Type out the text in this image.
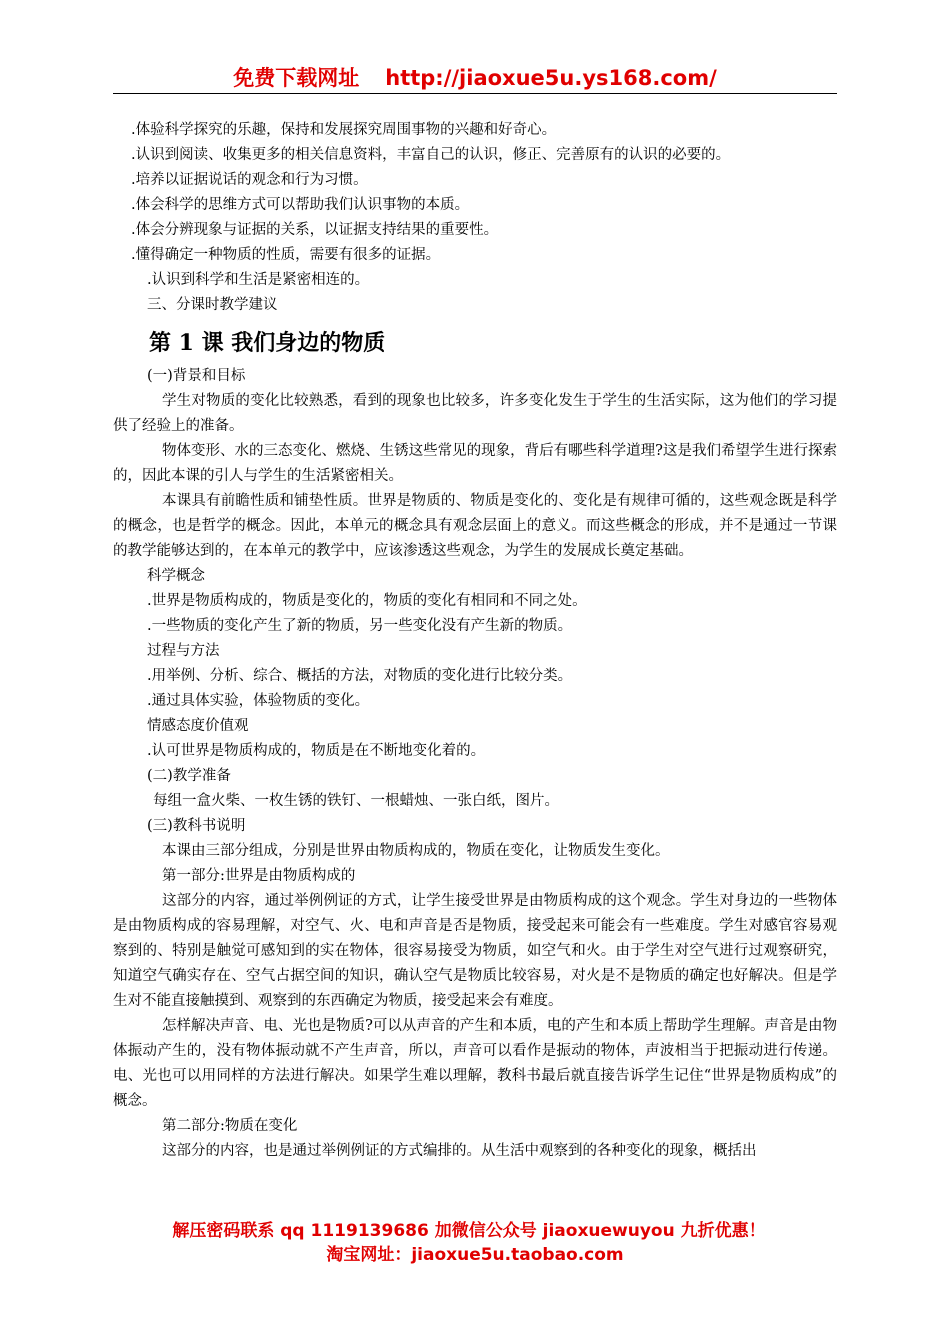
免费下载网址 http://jiaoxue5u.ys168.com/

.体验科学探究的乐趣，保持和发展探究周围事物的兴趣和好奇心。

.认识到阅读、收集更多的相关信息资料，丰富自己的认识，修正、完善原有的认识的必要的。

.培养以证据说话的观念和行为习惯。

.体会科学的思维方式可以帮助我们认识事物的本质。

.体会分辨现象与证据的关系，以证据支持结果的重要性。

.懂得确定一种物质的性质，需要有很多的证据。

.认识到科学和生活是紧密相连的。

三、分课时教学建议

第 1 课 我们身边的物质

(一)背景和目标

学生对物质的变化比较熟悉，看到的现象也比较多，许多变化发生于学生的生活实际，这为他们的学习提供了经验上的准备。

物体变形、水的三态变化、燃烧、生锈这些常见的现象，背后有哪些科学道理?这是我们希望学生进行探索的，因此本课的引人与学生的生活紧密相关。

本课具有前瞻性质和铺垫性质。世界是物质的、物质是变化的、变化是有规律可循的，这些观念既是科学的概念，也是哲学的概念。因此，本单元的概念具有观念层面上的意义。而这些概念的形成，并不是通过一节课的教学能够达到的，在本单元的教学中，应该渗透这些观念，为学生的发展成长奠定基础。

科学概念

.世界是物质构成的，物质是变化的，物质的变化有相同和不同之处。

.一些物质的变化产生了新的物质，另一些变化没有产生新的物质。

过程与方法

.用举例、分析、综合、概括的方法，对物质的变化进行比较分类。

.通过具体实验，体验物质的变化。

情感态度价值观

.认可世界是物质构成的，物质是在不断地变化着的。

(二)教学准备

每组一盒火柴、一枚生锈的铁钉、一根蜡烛、一张白纸，图片。

(三)教科书说明

本课由三部分组成，分别是世界由物质构成的，物质在变化，让物质发生变化。

第一部分:世界是由物质构成的

这部分的内容，通过举例例证的方式，让学生接受世界是由物质构成的这个观念。学生对身边的一些物体是由物质构成的容易理解，对空气、火、电和声音是否是物质，接受起来可能会有一些难度。学生对感官容易观察到的、特别是触觉可感知到的实在物体，很容易接受为物质，如空气和火。由于学生对空气进行过观察研究，知道空气确实存在、空气占据空间的知识，确认空气是物质比较容易，对火是不是物质的确定也好解决。但是学生对不能直接触摸到、观察到的东西确定为物质，接受起来会有难度。

怎样解决声音、电、光也是物质?可以从声音的产生和本质，电的产生和本质上帮助学生理解。声音是由物体振动产生的，没有物体振动就不产生声音，所以，声音可以看作是振动的物体，声波相当于把振动进行传递。电、光也可以用同样的方法进行解决。如果学生难以理解，教科书最后就直接告诉学生记住“世界是物质构成”的概念。

第二部分:物质在变化

这部分的内容，也是通过举例例证的方式编排的。从生活中观察到的各种变化的现象，概括出

解压密码联系 qq 1119139686 加微信公众号 jiaoxuewuyou 九折优惠！
淘宝网址：jiaoxue5u.taobao.com
